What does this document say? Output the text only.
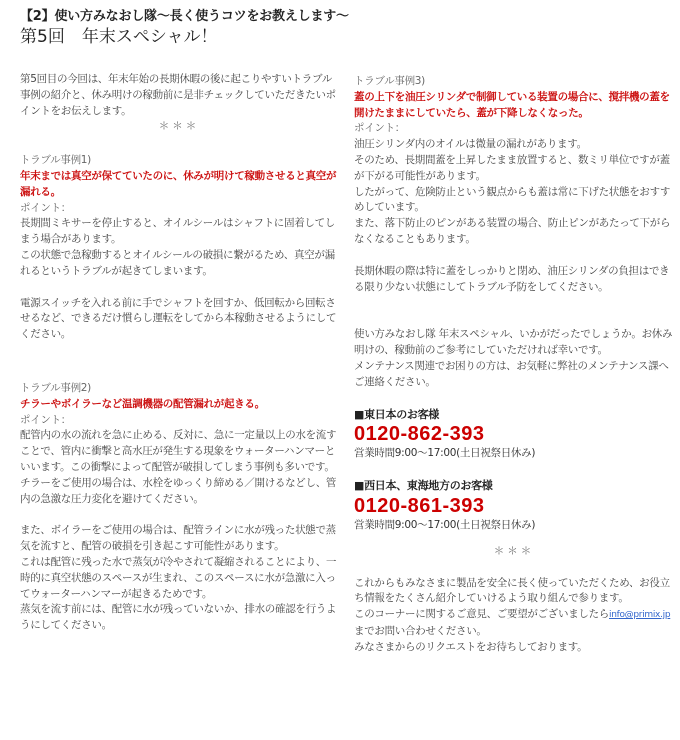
【2】使い方みなおし隊〜長く使うコツをお教えします〜
第5回　年末スペシャル！

第5回目の今回は、年末年始の長期休暇の後に起こりやすいトラブル事例の紹介と、休み明けの稼動前に是非チェックしていただきたいポイントをお伝えします。

＊＊＊
トラブル事例1)
年末までは真空が保てていたのに、休みが明けて稼動させると真空が漏れる。
ポイント：

長期間ミキサーを停止すると、オイルシールはシャフトに固着してしまう場合があります。

この状態で急稼動するとオイルシールの破損に繋がるため、真空が漏れるというトラブルが起きてしまいます。

電源スイッチを入れる前に手でシャフトを回すか、低回転から回転させるなど、できるだけ慣らし運転をしてから本稼動させるようにしてください。

トラブル事例2)
チラーやボイラーなど温調機器の配管漏れが起きる。
ポイント：

配管内の水の流れを急に止める、反対に、急に一定量以上の水を流すことで、管内に衝撃と高水圧が発生する現象をウォーターハンマーといいます。この衝撃によって配管が破損してしまう事例も多いです。

チラーをご使用の場合は、水栓をゆっくり締める／開けるなどし、管内の急激な圧力変化を避けてください。

また、ボイラーをご使用の場合は、配管ラインに水が残った状態で蒸気を流すと、配管の破損を引き起こす可能性があります。

これは配管に残った水で蒸気が冷やされて凝縮されることにより、一時的に真空状態のスペースが生まれ、このスペースに水が急激に入ってウォーターハンマーが起きるためです。

蒸気を流す前には、配管に水が残っていないか、排水の確認を行うようにしてください。

トラブル事例3)
蓋の上下を油圧シリンダで制御している装置の場合に、撹拌機の蓋を開けたままにしていたら、蓋が下降しなくなった。
ポイント：

油圧シリンダ内のオイルは微量の漏れがあります。

そのため、長期間蓋を上昇したまま放置すると、数ミリ単位ですが蓋が下がる可能性があります。

したがって、危険防止という観点からも蓋は常に下げた状態をおすすめしています。

また、落下防止のピンがある装置の場合、防止ピンがあたって下がらなくなることもあります。

長期休暇の際は特に蓋をしっかりと閉め、油圧シリンダの負担はできる限り少ない状態にしてトラブル予防をしてください。

使い方みなおし隊 年末スペシャル、いかがだったでしょうか。お休み明けの、稼動前のご参考にしていただければ幸いです。

メンテナンス関連でお困りの方は、お気軽に弊社のメンテナンス課へご連絡ください。

■東日本のお客様
0120-862-393
営業時間9:00〜17:00(土日祝祭日休み)
■西日本、東海地方のお客様
0120-861-393
営業時間9:00〜17:00(土日祝祭日休み)
＊＊＊

これからもみなさまに製品を安全に長く使っていただくため、お役立ち情報をたくさん紹介していけるよう取り組んで参ります。

このコーナーに関するご意見、ご要望がございましたらinfo@primix.jpまでお問い合わせください。

みなさまからのリクエストをお待ちしております。
